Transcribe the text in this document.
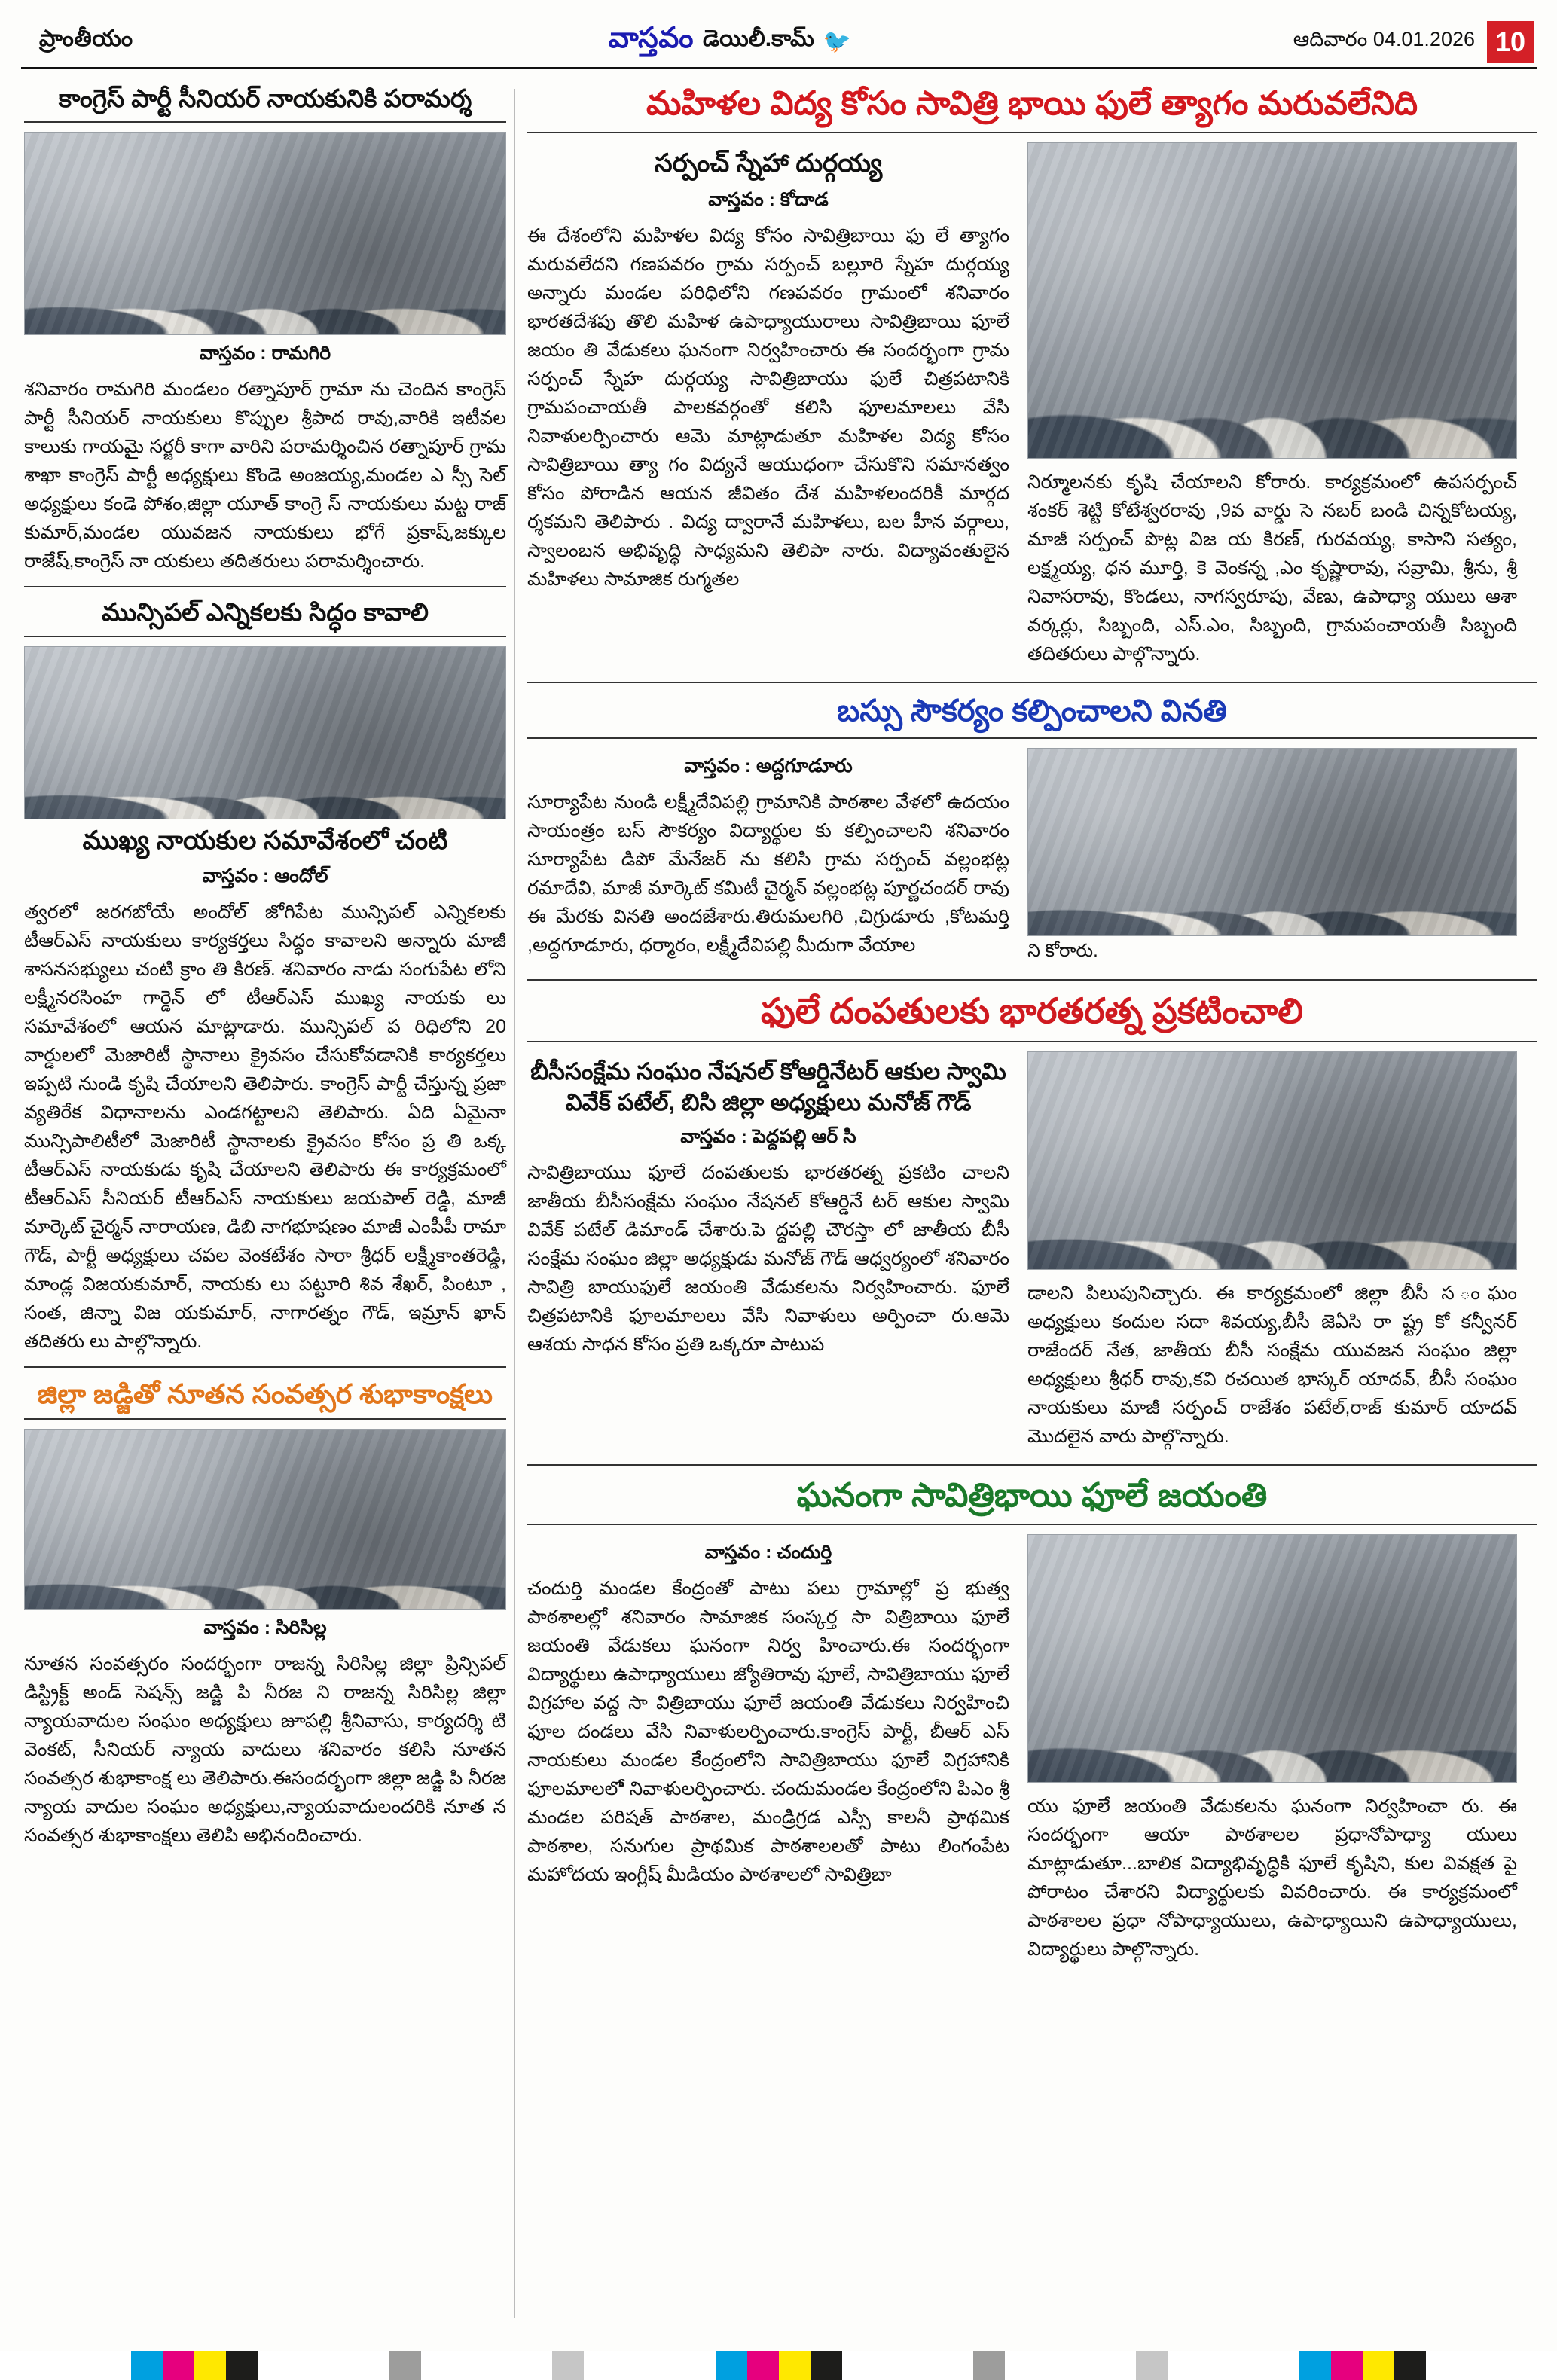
ప్రాంతీయం	వాస్తవం డెయిలీ.కామ్ 🐦	ఆదివారం 04.01.2026 10
కాంగ్రెస్ పార్టీ సీనియర్ నాయకునికి పరామర్శ
వాస్తవం : రామగిరి
శనివారం రామగిరి మండలం రత్నాపూర్ గ్రామా ను చెందిన కాంగ్రెస్ పార్టీ సీనియర్ నాయకులు కొప్పుల శ్రీపాద రావు,వారికి ఇటీవల కాలుకు గాయమై సర్జరీ కాగా వారిని పరామర్శించిన రత్నాపూర్ గ్రామ శాఖా కాంగ్రెస్ పార్టీ అధ్యక్షులు కొండె అంజయ్య,మండల ఎ స్సీ సెల్ అధ్యక్షులు కండె పోశం,జిల్లా యూత్ కాంగ్రె స్ నాయకులు మట్ట రాజ్ కుమార్,మండల యువజన నాయకులు భోగే ప్రకాష్,జక్కుల రాజేష్,కాంగ్రెస్ నా యకులు తదితరులు పరామర్శించారు.
మున్సిపల్ ఎన్నికలకు సిద్ధం కావాలి
ముఖ్య నాయకుల సమావేశంలో చంటి
వాస్తవం : ఆందోల్
త్వరలో జరగబోయే అందోల్ జోగిపేట మున్సిపల్ ఎన్నికలకు టీఆర్ఎస్ నాయకులు కార్యకర్తలు సిద్ధం కావాలని అన్నారు మాజీ శాసనసభ్యులు చంటి క్రాం తి కిరణ్. శనివారం నాడు సంగుపేట లోని లక్ష్మీనరసింహ గార్డెన్ లో టీఆర్ఎస్ ముఖ్య నాయకు లు సమావేశంలో ఆయన మాట్లాడారు. మున్సిపల్ ప రిధిలోని 20 వార్డులలో మెజారిటీ స్థానాలు క్రైవసం చేసుకోవడానికి కార్యకర్తలు ఇప్పటి నుండి కృషి చేయాలని తెలిపారు. కాంగ్రెస్ పార్టీ చేస్తున్న ప్రజా వ్యతిరేక విధానాలను ఎండగట్టాలని తెలిపారు. ఏది ఏమైనా మున్సిపాలిటీలో మెజారిటీ స్థానాలకు క్రైవసం కోసం ప్ర తి ఒక్క టీఆర్ఎస్ నాయకుడు కృషి చేయాలని తెలిపారు ఈ కార్యక్రమంలో టీఆర్ఎస్ సీనియర్ టీఆర్ఎస్ నాయకులు జయపాల్ రెడ్డి, మాజీ మార్కెట్ చైర్మన్ నారాయణ, డిబి నాగభూషణం మాజీ ఎంపీపీ రామా గౌడ్, పార్టీ అధ్యక్షులు చపల వెంకటేశం సారా శ్రీధర్ లక్ష్మీకాంతరెడ్డి, మాండ్ల విజయకుమార్, నాయకు లు పట్టూరి శివ శేఖర్, పింటూ , సంత, జిన్నా విజ యకుమార్, నాగారత్నం గౌడ్, ఇమ్రాన్ ఖాన్ తదితరు లు పాల్గొన్నారు.
జిల్లా జడ్జితో నూతన సంవత్సర శుభాకాంక్షలు
వాస్తవం : సిరిసిల్ల
నూతన సంవత్సరం సందర్భంగా రాజన్న సిరిసిల్ల జిల్లా ప్రిన్సిపల్ డిస్ట్రిక్ట్ అండ్ సెషన్స్ జడ్జి పి నీరజ ని రాజన్న సిరిసిల్ల జిల్లా న్యాయవాదుల సంఘం అధ్యక్షులు జూపల్లి శ్రీనివాసు, కార్యదర్శి టి వెంకట్, సీనియర్ న్యాయ వాదులు శనివారం కలిసి నూతన సంవత్సర శుభాకాంక్ష లు తెలిపారు.ఈసందర్భంగా జిల్లా జడ్జి పి నీరజ న్యాయ వాదుల సంఘం అధ్యక్షులు,న్యాయవాదులందరికి నూత న సంవత్సర శుభాకాంక్షలు తెలిపి అభినందించారు.
మహిళల విద్య కోసం సావిత్రి భాయి ఫులే త్యాగం మరువలేనిది
సర్పంచ్ స్నేహా దుర్గయ్య
వాస్తవం : కోదాడ
ఈ దేశంలోని మహిళల విద్య కోసం సావిత్రిబాయి ఫు లే త్యాగం మరువలేదని గణపవరం గ్రామ సర్పంచ్ బల్లూరి స్నేహ దుర్గయ్య అన్నారు మండల పరిధిలోని గణపవరం గ్రామంలో శనివారం భారతదేశపు తొలి మహిళ ఉపాధ్యాయురాలు సావిత్రిబాయి ఫూలే జయం తి వేడుకలు ఘనంగా నిర్వహించారు ఈ సందర్భంగా గ్రామ సర్పంచ్ స్నేహ దుర్గయ్య సావిత్రిబాయు ఫులే చిత్రపటానికి గ్రామపంచాయతీ పాలకవర్గంతో కలిసి ఫూలమాలలు వేసి నివాళులర్పించారు ఆమె మాట్లాడుతూ మహిళల విద్య కోసం సావిత్రిబాయి త్యా గం విద్యనే ఆయుధంగా చేసుకొని సమానత్వం కోసం పోరాడిన ఆయన జీవితం దేశ మహిళలందరికీ మార్గద ర్శకమని తెలిపారు . విద్య ద్వారానే మహిళలు, బల హీన వర్గాలు, స్వాలంబన అభివృద్ధి సాధ్యమని తెలిపా నారు. విద్యావంతులైన మహిళలు సామాజిక రుగ్మతల
నిర్మూలనకు కృషి చేయాలని కోరారు. కార్యక్రమంలో ఉపసర్పంచ్ శంకర్ శెట్టి కోటేశ్వరరావు ,9వ వార్డు సె నబర్ బండి చిన్నకోటయ్య, మాజీ సర్పంచ్ పొట్ల విజ య కిరణ్, గురవయ్య, కాసాని సత్యం, లక్ష్మయ్య, ధన మూర్తి, కె వెంకన్న ,ఎం కృష్ణారావు, సవ్రామి, శ్రీను, శ్రీ నివాసరావు, కొండలు, నాగస్వరూపు, వేణు, ఉపాధ్యా యులు ఆశా వర్కర్లు, సిబ్బంది, ఎస్.ఎం, సిబ్బంది, గ్రామపంచాయతీ సిబ్బంది తదితరులు పాల్గొన్నారు.
బస్సు సౌకర్యం కల్పించాలని వినతి
వాస్తవం : అద్దగూడూరు
సూర్యాపేట నుండి లక్ష్మీదేవిపల్లి గ్రామానికి పాఠశాల వేళలో ఉదయం సాయంత్రం బస్ సౌకర్యం విద్యార్థుల కు కల్పించాలని శనివారం సూర్యాపేట డిపో మేనేజర్ ను కలిసి గ్రామ సర్పంచ్ వల్లంభట్ల రమాదేవి, మాజీ మార్కెట్ కమిటీ చైర్మన్ వల్లంభట్ల పూర్ణచందర్ రావు ఈ మేరకు వినతి అందజేశారు.తిరుమలగిరి ,చిగ్రుడూరు ,కోటమర్తి ,అద్దగూడూరు, ధర్మారం, లక్ష్మీదేవిపల్లి మీదుగా వేయాల	ని కోరారు.
ఫులే దంపతులకు భారతరత్న ప్రకటించాలి
బీసీసంక్షేమ సంఘం నేషనల్ కోఆర్డినేటర్ ఆకుల స్వామి వివేక్ పటేల్, బిసి జిల్లా అధ్యక్షులు మనోజ్ గౌడ్
వాస్తవం : పెద్దపల్లి ఆర్ సి
సావిత్రిబాయుు ఫూలే దంపతులకు భారతరత్న ప్రకటిం చాలని జాతీయ బీసీసంక్షేమ సంఘం నేషనల్ కోఆర్డినే టర్ ఆకుల స్వామి వివేక్ పటేల్ డిమాండ్ చేశారు.పె ద్దపల్లి చౌరస్తా లో జాతీయ బీసీ సంక్షేమ సంఘం జిల్లా అధ్యక్షుడు మనోజ్ గౌడ్ ఆధ్వర్యంలో శనివారం సావిత్రి బాయుఫులే జయంతి వేడుకలను నిర్వహించారు. ఫూలే చిత్రపటానికి ఫూలమాలలు వేసి నివాళులు అర్పించా రు.ఆమె ఆశయ సాధన కోసం ప్రతి ఒక్కరూ పాటుప
డాలని పిలుపునిచ్చారు. ఈ కార్యక్రమంలో జిల్లా బీసీ స ంఘం అధ్యక్షులు కందుల సదా శివయ్య,బీసీ జెఏసి రా ష్ట్ర కో కన్వీనర్ రాజేందర్ నేత, జాతీయ బీసీ సంక్షేమ యువజన సంఘం జిల్లా అధ్యక్షులు శ్రీధర్ రావు,కవి రచయిత భాస్కర్ యాదవ్, బీసీ సంఘం నాయకులు మాజీ సర్పంచ్ రాజేశం పటేల్,రాజ్ కుమార్ యాదవ్ మొదలైన వారు పాల్గొన్నారు.
ఘనంగా సావిత్రిభాయి ఫూలే జయంతి
వాస్తవం : చందుర్తి
చందుర్తి మండల కేంద్రంతో పాటు పలు గ్రామాల్లో ప్ర భుత్వ పాఠశాలల్లో శనివారం సామాజిక సంస్కర్త సా విత్రిబాయి ఫూలే జయంతి వేడుకలు ఘనంగా నిర్వ హించారు.ఈ సందర్భంగా విద్యార్థులు ఉపాధ్యాయులు జ్యోతిరావు ఫూలే, సావిత్రిబాయు ఫూలే విగ్రహాల వద్ద సా విత్రిబాయు ఫూలే జయంతి వేడుకలు నిర్వహించి ఫూల దండలు వేసి నివాళులర్పించారు.కాంగ్రెస్ పార్టీ, బీఆర్ ఎస్ నాయకులు మండల కేంద్రంలోని సావిత్రిబాయు ఫూలే విగ్రహానికి ఫూలమాలలోే నివాళులర్పించారు. చందుమండల కేంద్రంలోని పిఎం శ్రీ మండల పరిషత్ పాఠశాల, మండ్రిగ్రడ ఎస్సీ కాలనీ ప్రాథమిక పాఠశాల, సనుగుల ప్రాథమిక పాఠశాలలతో పాటు లింగంపేట మహోదయ ఇంగ్లీష్ మీడియం పాఠశాలలో సావిత్రిబా
యు ఫూలే జయంతి వేడుకలను ఘనంగా నిర్వహించా రు. ఈ సందర్భంగా ఆయా పాఠశాలల ప్రధానోపాధ్యా యులు మాట్లాడుతూ...బాలిక విద్యాభివృద్ధికి ఫూలే కృషిని, కుల వివక్షత పై పోరాటం చేశారని విద్యార్థులకు వివరించారు. ఈ కార్యక్రమంలో పాఠశాలల ప్రధా నోపాధ్యాయులు, ఉపాధ్యాయిని ఉపాధ్యాయులు, విద్యార్థులు పాల్గొన్నారు.
